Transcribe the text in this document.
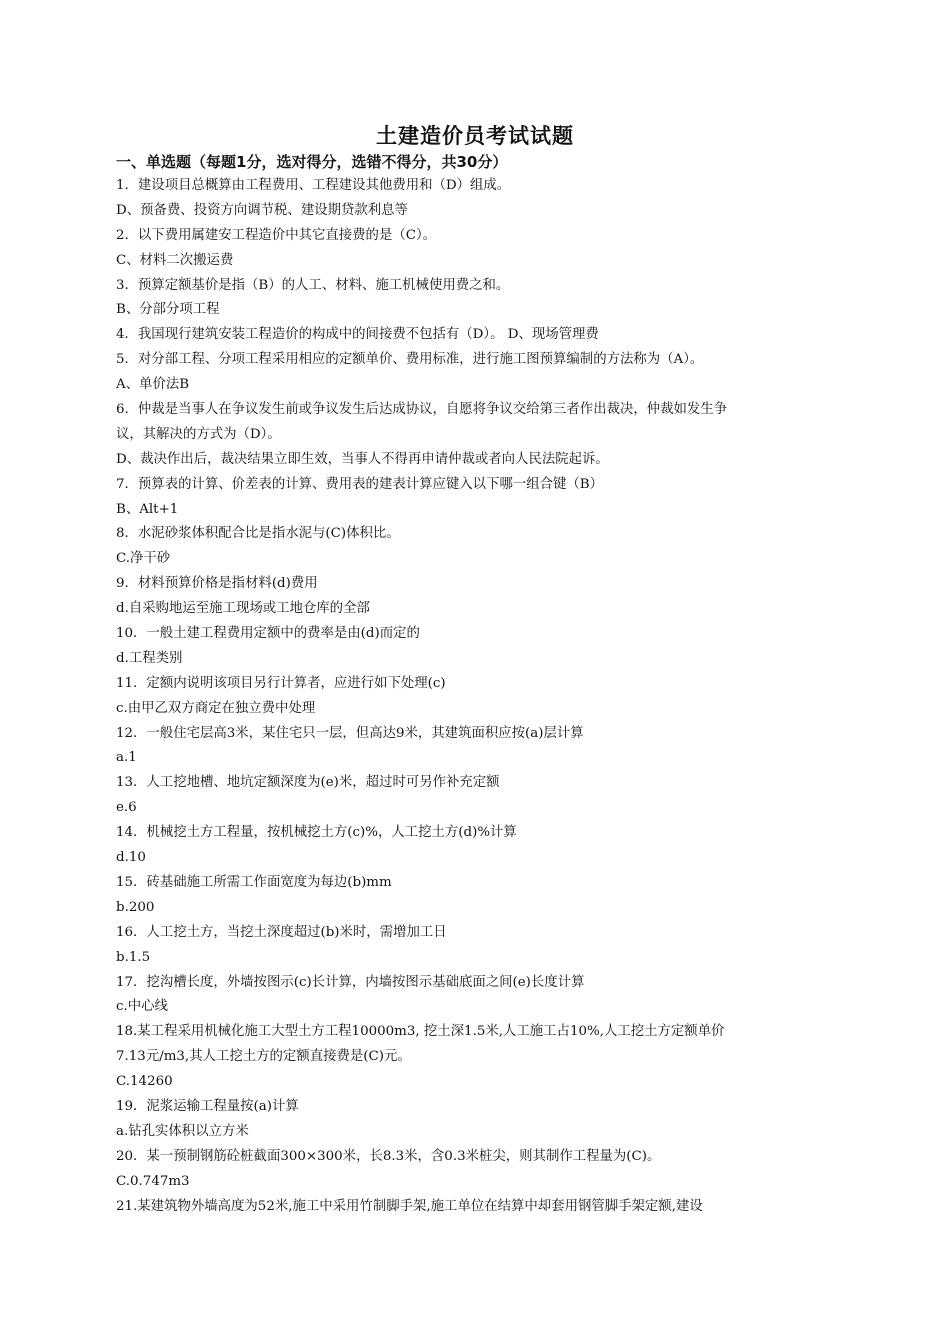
土建造价员考试试题
一、单选题（每题1分，选对得分，选错不得分，共30分）
1．建设项目总概算由工程费用、工程建设其他费用和（D）组成。
D、预备费、投资方向调节税、建设期贷款利息等
2．以下费用属建安工程造价中其它直接费的是（C）。
C、材料二次搬运费
3．预算定额基价是指（B）的人工、材料、施工机械使用费之和。
B、分部分项工程
4．我国现行建筑安装工程造价的构成中的间接费不包括有（D）。 D、现场管理费
5．对分部工程、分项工程采用相应的定额单价、费用标准，进行施工图预算编制的方法称为（A）。
A、单价法B
6．仲裁是当事人在争议发生前或争议发生后达成协议，自愿将争议交给第三者作出裁决，仲裁如发生争
议，其解决的方式为（D）。
D、裁决作出后，裁决结果立即生效，当事人不得再申请仲裁或者向人民法院起诉。
7．预算表的计算、价差表的计算、费用表的建表计算应键入以下哪一组合键（B）
B、Alt+1
8．水泥砂浆体积配合比是指水泥与(C)体积比。
C.净干砂
9．材料预算价格是指材料(d)费用
d.自采购地运至施工现场或工地仓库的全部
10．一般土建工程费用定额中的费率是由(d)而定的
d.工程类别
11．定额内说明该项目另行计算者，应进行如下处理(c)
c.由甲乙双方商定在独立费中处理
12．一般住宅层高3米，某住宅只一层，但高达9米，其建筑面积应按(a)层计算
a.1
13．人工挖地槽、地坑定额深度为(e)米，超过时可另作补充定额
e.6
14．机械挖土方工程量，按机械挖土方(c)%，人工挖土方(d)%计算
d.10
15．砖基础施工所需工作面宽度为每边(b)mm
b.200
16．人工挖土方，当挖土深度超过(b)米时，需增加工日
b.1.5
17．挖沟槽长度，外墙按图示(c)长计算，内墙按图示基础底面之间(e)长度计算
c.中心线
18.某工程采用机械化施工大型土方工程10000m3, 挖土深1.5米,人工施工占10%,人工挖土方定额单价
7.13元/m3,其人工挖土方的定额直接费是(C)元。
C.14260
19．泥浆运输工程量按(a)计算
a.钻孔实体积以立方米
20．某一预制钢筋砼桩截面300×300米，长8.3米，含0.3米桩尖，则其制作工程量为(C)。
C.0.747m3
21.某建筑物外墙高度为52米,施工中采用竹制脚手架,施工单位在结算中却套用钢管脚手架定额,建设
